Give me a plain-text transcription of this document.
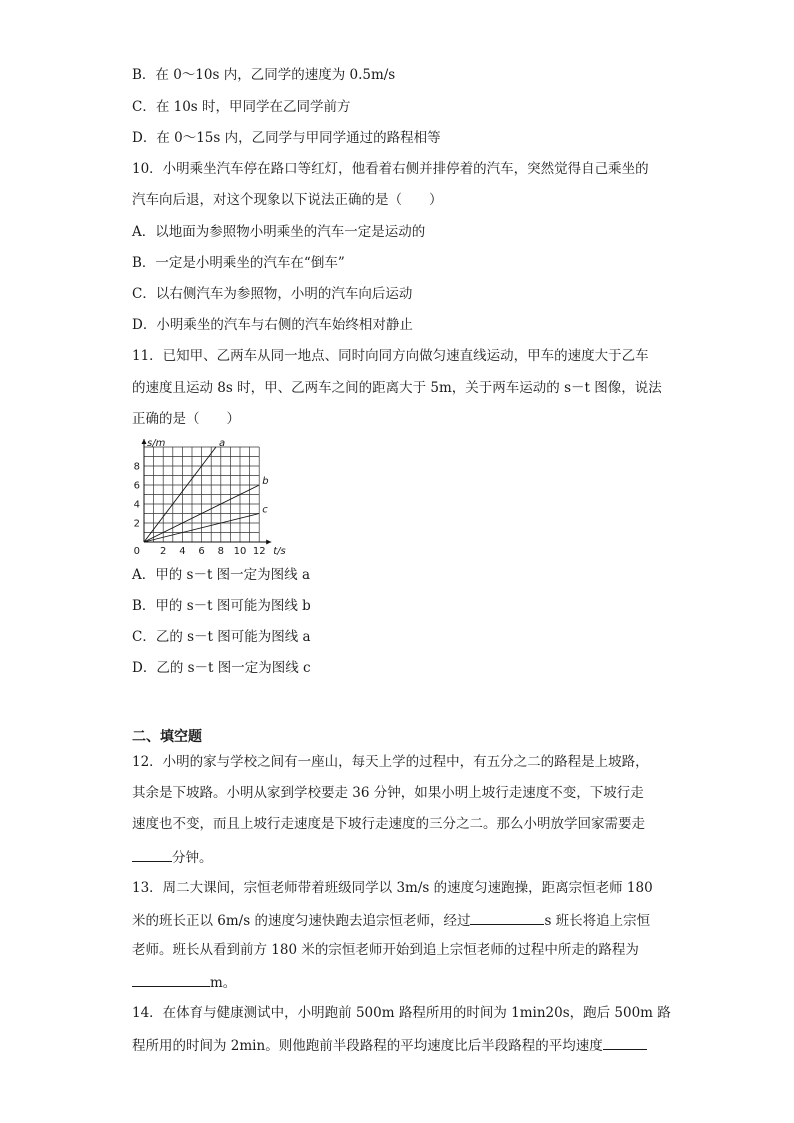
B．在 0～10s 内，乙同学的速度为 0.5m/s
C．在 10s 时，甲同学在乙同学前方
D．在 0～15s 内，乙同学与甲同学通过的路程相等
10．小明乘坐汽车停在路口等红灯，他看着右侧并排停着的汽车，突然觉得自己乘坐的
汽车向后退，对这个现象以下说法正确的是（　　）
A．以地面为参照物小明乘坐的汽车一定是运动的
B．一定是小明乘坐的汽车在“倒车”
C．以右侧汽车为参照物，小明的汽车向后运动
D．小明乘坐的汽车与右侧的汽车始终相对静止
11．已知甲、乙两车从同一地点、同时向同方向做匀速直线运动，甲车的速度大于乙车
的速度且运动 8s 时，甲、乙两车之间的距离大于 5m，关于两车运动的 s－t 图像，说法
正确的是（　　）
2 4 6 8 10 12
2
4
6
8
0	t/s
s/m	a
b
c
A．甲的 s－t 图一定为图线 a
B．甲的 s－t 图可能为图线 b
C．乙的 s－t 图可能为图线 a
D．乙的 s－t 图一定为图线 c
二、填空题
12．小明的家与学校之间有一座山，每天上学的过程中，有五分之二的路程是上坡路，
其余是下坡路。小明从家到学校要走 36 分钟，如果小明上坡行走速度不变，下坡行走
速度也不变，而且上坡行走速度是下坡行走速度的三分之二。那么小明放学回家需要走
分钟。
13．周二大课间，宗恒老师带着班级同学以 3m/s 的速度匀速跑操，距离宗恒老师 180
米的班长正以 6m/s 的速度匀速快跑去追宗恒老师，经过	s 班长将追上宗恒
老师。班长从看到前方 180 米的宗恒老师开始到追上宗恒老师的过程中所走的路程为
m。
14．在体育与健康测试中，小明跑前 500m 路程所用的时间为 1min20s，跑后 500m 路
程所用的时间为 2min。则他跑前半段路程的平均速度比后半段路程的平均速度
